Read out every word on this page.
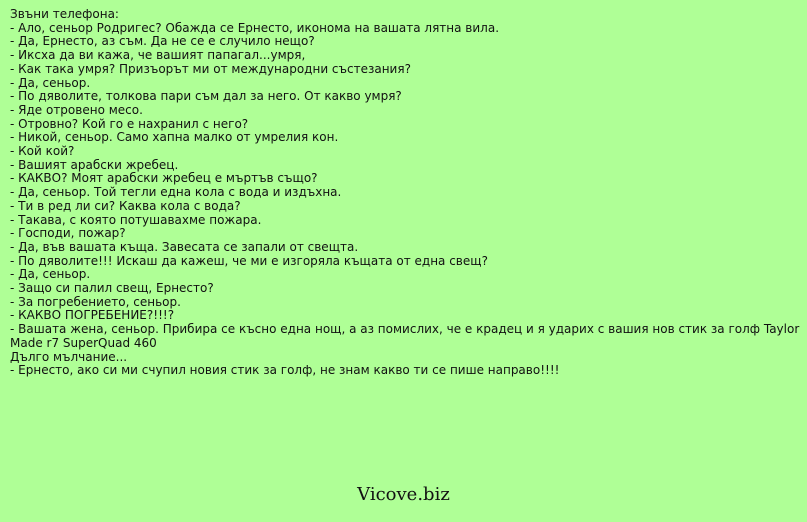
Звъни телефона:
- Ало, сеньор Родригес? Обажда се Ернесто, иконома на вашата лятна вила.
- Да, Ернесто, аз съм. Да не се е случило нещо?
- Иксха да ви кажа, че вашият папагал...умря,
- Как така умря? Призъорът ми от международни състезания?
- Да, сеньор.
- По дяволите, толкова пари съм дал за него. От какво умря?
- Яде отровено месо.
- Отровно? Кой го е нахранил с него?
- Никой, сеньор. Само хапна малко от умрелия кон.
- Кой кой?
- Вашият арабски жребец.
- КАКВО? Моят арабски жребец е мъртъв също?
- Да, сеньор. Той тегли една кола с вода и издъхна.
- Ти в ред ли си? Каква кола с вода?
- Такава, с която потушавахме пожара.
- Господи, пожар?
- Да, във вашата къща. Завесата се запали от свещта.
- По дяволите!!! Искаш да кажеш, че ми е изгоряла къщата от една свещ?
- Да, сеньор.
- Защо си палил свещ, Ернесто?
- За погребението, сеньор.
- КАКВО ПОГРЕБЕНИЕ?!!!?
- Вашата жена, сеньор. Прибира се късно една нощ, а аз помислих, че е крадец и я ударих с вашия нов стик за голф Taylor Made r7 SuperQuad 460
Дълго мълчание...
- Ернесто, ако си ми счупил новия стик за голф, не знам какво ти се пише направо!!!!
Vicove.biz
